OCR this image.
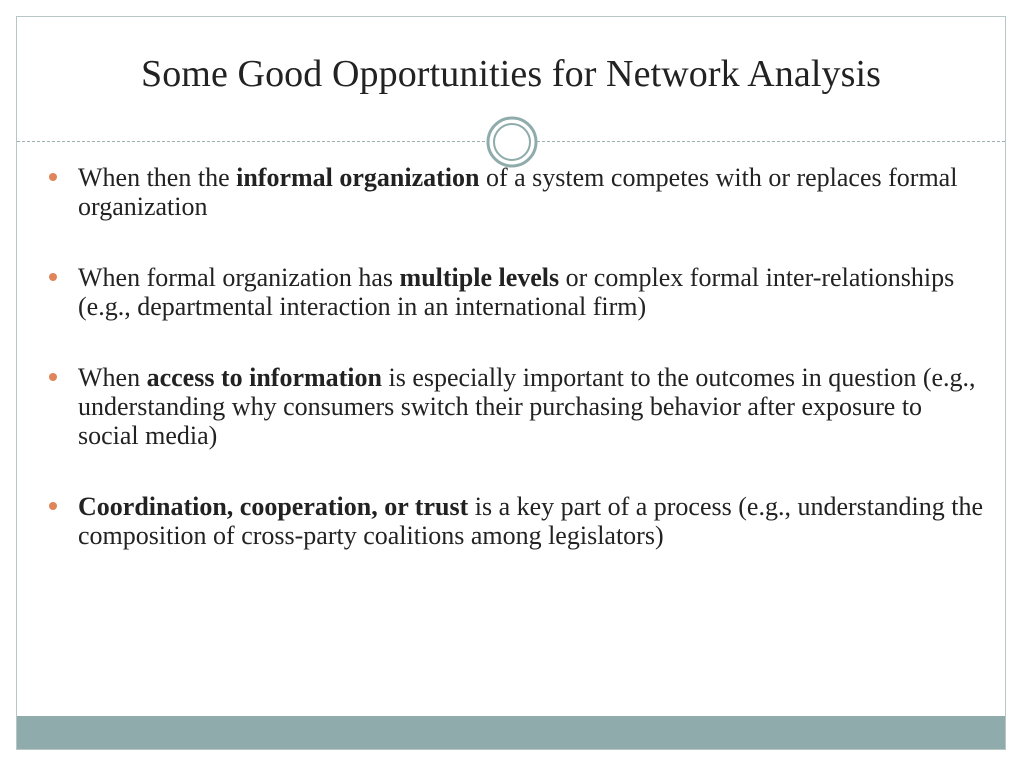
Some Good Opportunities for Network Analysis
When then the informal organization of a system competes with or replaces formal organization
When formal organization has multiple levels or complex formal inter-relationships (e.g., departmental interaction in an international firm)
When access to information is especially important to the outcomes in question (e.g., understanding why consumers switch their purchasing behavior after exposure to social media)
Coordination, cooperation, or trust is a key part of a process (e.g., understanding the composition of cross-party coalitions among legislators)
